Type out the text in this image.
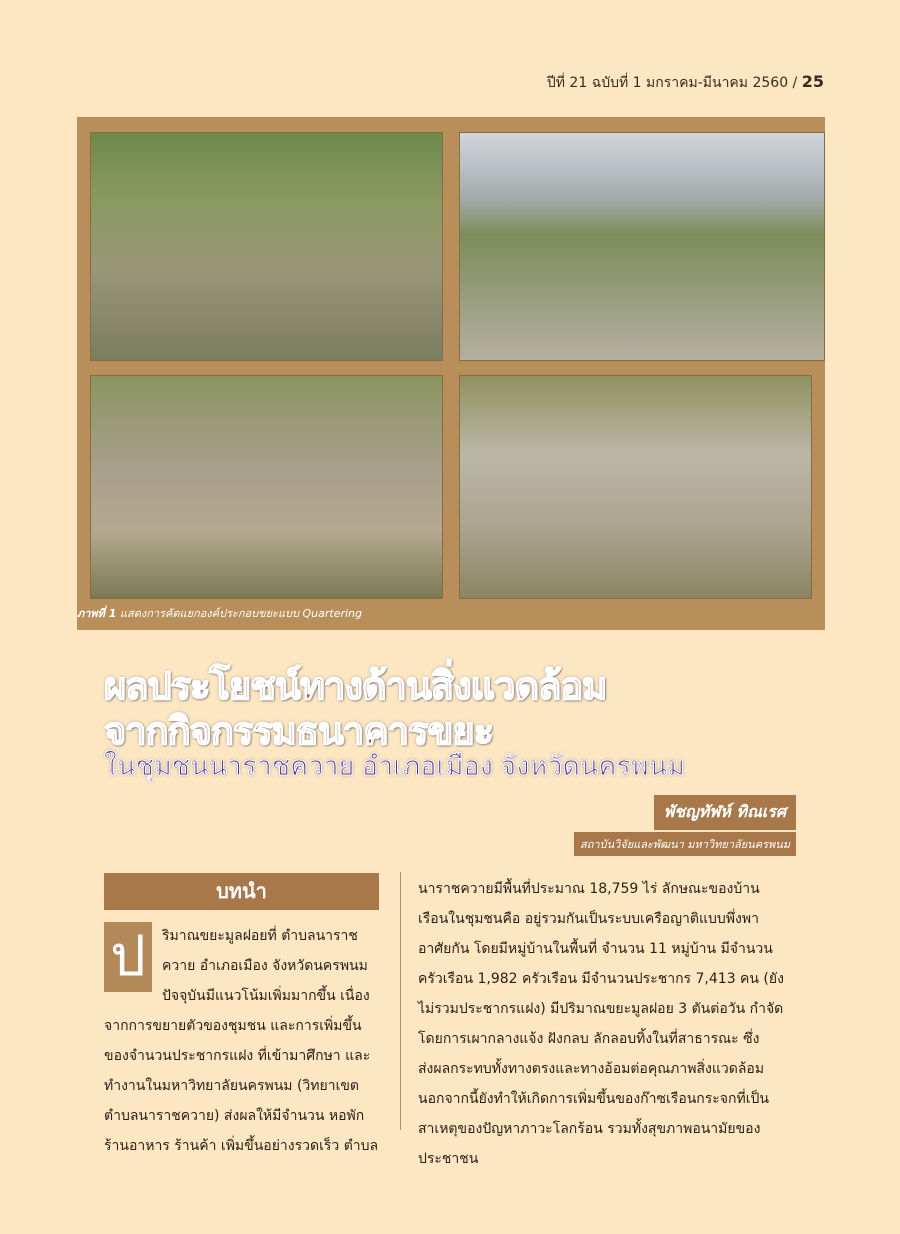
ปีที่ 21 ฉบับที่ 1 มกราคม-มีนาคม 2560 / 25
ภาพที่ 1 แสดงการคัดแยกองค์ประกอบขยะแบบ Quartering
ผลประโยชน์ทางด้านสิ่งแวดล้อม
จากกิจกรรมธนาคารขยะ
ในชุมชนนาราชควาย อำเภอเมือง จังหวัดนครพนม
พัชญทัฬห์ ทิณเรศ
สถาบันวิจัยและพัฒนา มหาวิทยาลัยนครพนม
บทนำ
ป	ริมาณขยะมูลฝอยที่ ตำบลนาราช
ควาย อำเภอเมือง จังหวัดนครพนม
ปัจจุบันมีแนวโน้มเพิ่มมากขึ้น เนื่อง
จากการขยายตัวของชุมชน และการเพิ่มขึ้น
ของจำนวนประชากรแฝง ที่เข้ามาศึกษา และ
ทำงานในมหาวิทยาลัยนครพนม (วิทยาเขต
ตำบลนาราชควาย) ส่งผลให้มีจำนวน หอพัก
ร้านอาหาร ร้านค้า เพิ่มขึ้นอย่างรวดเร็ว ตำบล
นาราชควายมีพื้นที่ประมาณ 18,759 ไร่ ลักษณะของบ้าน
เรือนในชุมชนคือ อยู่รวมกันเป็นระบบเครือญาติแบบพึ่งพา
อาศัยกัน โดยมีหมู่บ้านในพื้นที่ จำนวน 11 หมู่บ้าน มีจำนวน
ครัวเรือน 1,982 ครัวเรือน มีจำนวนประชากร 7,413 คน (ยัง
ไม่รวมประชากรแฝง) มีปริมาณขยะมูลฝอย 3 ตันต่อวัน กำจัด
โดยการเผากลางแจ้ง ฝังกลบ ลักลอบทิ้งในที่สาธารณะ ซึ่ง
ส่งผลกระทบทั้งทางตรงและทางอ้อมต่อคุณภาพสิ่งแวดล้อม
นอกจากนี้ยังทำให้เกิดการเพิ่มขึ้นของก๊าซเรือนกระจกที่เป็น
สาเหตุของปัญหาภาวะโลกร้อน รวมทั้งสุขภาพอนามัยของ
ประชาชน
